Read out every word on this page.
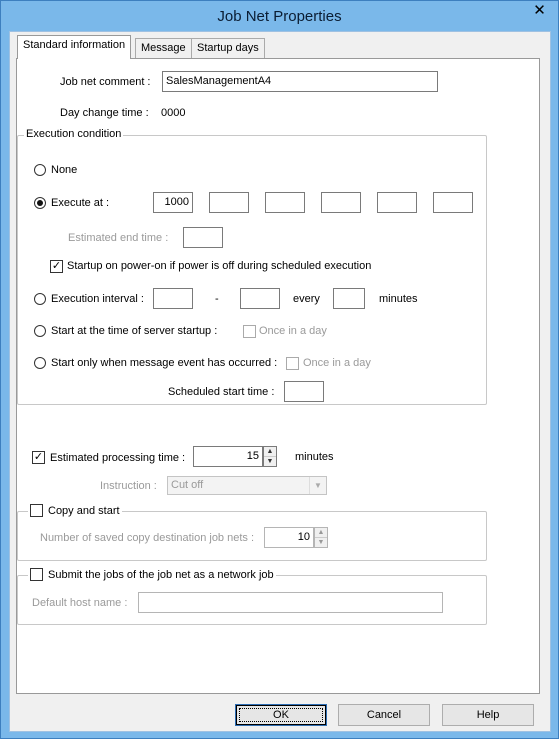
Job Net Properties	✕
Standard information	Message	Startup days
Job net comment :	SalesManagementA4
Day change time : 0000
Execution condition
None
Execute at :	1000
Estimated end time :
✓ Startup on power-on if power is off during scheduled execution
Execution interval :	-	every	minutes
Start at the time of server startup :	Once in a day
Start only when message event has occurred : Once in a day
Scheduled start time :
✓ Estimated processing time :	15	▲
▼ minutes
Instruction :	Cut off	▼
Copy and start
Number of saved copy destination job nets :	10	▲
▼
Submit the jobs of the job net as a network job
Default host name :
OK	Cancel	Help
